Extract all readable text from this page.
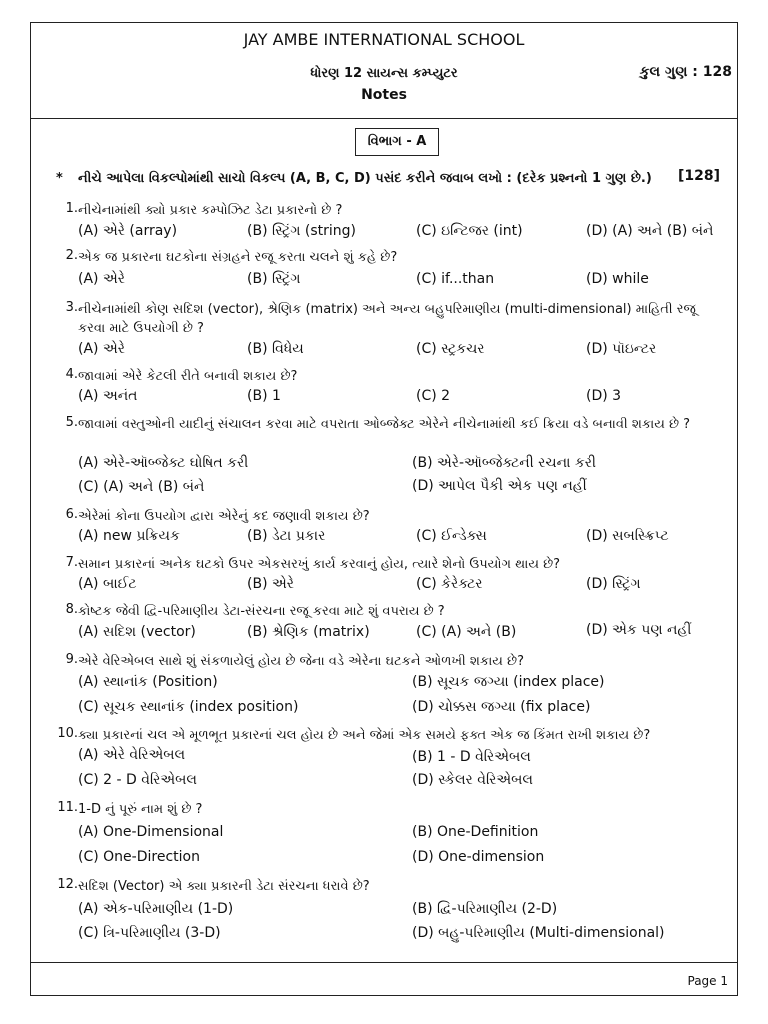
JAY AMBE INTERNATIONAL SCHOOL
ધોરણ 12 સાયન્સ કમ્પ્યુટર	કુલ ગુણ : 128
Notes
વિભાગ - A
* નીચે આપેલા વિકલ્પોમાંથી સાચો વિકલ્પ (A, B, C, D) પસંદ કરીને જવાબ લખો : (દરેક પ્રશ્નનો 1 ગુણ છે.) [128]
1. નીચેનામાંથી ક્યો પ્રકાર કમ્પોઝિટ ડેટા પ્રકારનો છે ?
(A) એરે (array)	(B) સ્ટ્રિંગ (string)	(C) ઇન્ટિજર (int)	(D) (A) અને (B) બંને
2. એક જ પ્રકારના ઘટકોના સંગ્રહને રજૂ કરતા ચલને શું કહે છે?
(A) એરે	(B) સ્ટ્રિંગ	(C) if...than	(D) while
3. નીચેનામાંથી કોણ સદિશ (vector), શ્રેણિક (matrix) અને અન્ય બહુપરિમાણીય (multi-dimensional) માહિતી રજૂ કરવા માટે ઉપયોગી છે ?
(A) એરે	(B) વિધેય	(C) સ્ટ્રકચર	(D) પૉઇન્ટર
4. જાવામાં એરે કેટલી રીતે બનાવી શકાય છે?
(A) અનંત	(B) 1	(C) 2	(D) 3
5. જાવામાં વસ્તુઓની યાદીનું સંચાલન કરવા માટે વપરાતા ઓબ્જેક્ટ એરેને નીચેનામાંથી કઈ ક્રિયા વડે બનાવી શકાય છે ?
(A) એરે-ઑબ્જેક્ટ ઘોષિત કરી	(B) એરે-ઑબ્જેક્ટની રચના કરી
(C) (A) અને (B) બંને	(D) આપેલ પૈકી એક પણ નહીં
6. એરેમાં કોના ઉપયોગ દ્વારા એરેનું કદ જણાવી શકાય છે?
(A) new પ્રક્રિયક	(B) ડેટા પ્રકાર	(C) ઈન્ડેક્સ	(D) સબસ્ક્રિપ્ટ
7. સમાન પ્રકારનાં અનેક ઘટકો ઉપર એકસરખું કાર્ય કરવાનું હોય, ત્યારે શેનો ઉપયોગ થાય છે?
(A) બાઈટ	(B) એરે	(C) કેરેક્ટર	(D) સ્ટ્રિંગ
8. કોષ્ટક જેવી દ્વિ-પરિમાણીય ડેટા-સંરચના રજૂ કરવા માટે શું વપરાય છે ?
(A) સદિશ (vector)	(B) શ્રેણિક (matrix)	(C) (A) અને (B)	(D) એક પણ નહીં
9. એરે વેરિએબલ સાથે શું સંકળાયેલું હોય છે જેના વડે એરેના ઘટકને ઓળખી શકાય છે?
(A) સ્થાનાંક (Position)	(B) સૂચક જગ્યા (index place)
(C) સૂચક સ્થાનાંક (index position)	(D) ચોક્કસ જગ્યા (fix place)
10. ક્યા પ્રકારનાં ચલ એ મૂળભૂત પ્રકારનાં ચલ હોય છે અને જેમાં એક સમયે ફક્ત એક જ કિંમત રાખી શકાય છે?
(A) એરે વેરિએબલ	(B) 1 - D વેરિએબલ
(C) 2 - D વેરિએબલ	(D) સ્કેલર વેરિએબલ
11. 1-D નું પૂરું નામ શું છે ?
(A) One-Dimensional	(B) One-Definition
(C) One-Direction	(D) One-dimension
12. સદિશ (Vector) એ ક્યા પ્રકારની ડેટા સંરચના ધરાવે છે?
(A) એક-પરિમાણીય (1-D)	(B) દ્વિ-પરિમાણીય (2-D)
(C) ત્રિ-પરિમાણીય (3-D)	(D) બહુ-પરિમાણીય (Multi-dimensional)
Page 1
